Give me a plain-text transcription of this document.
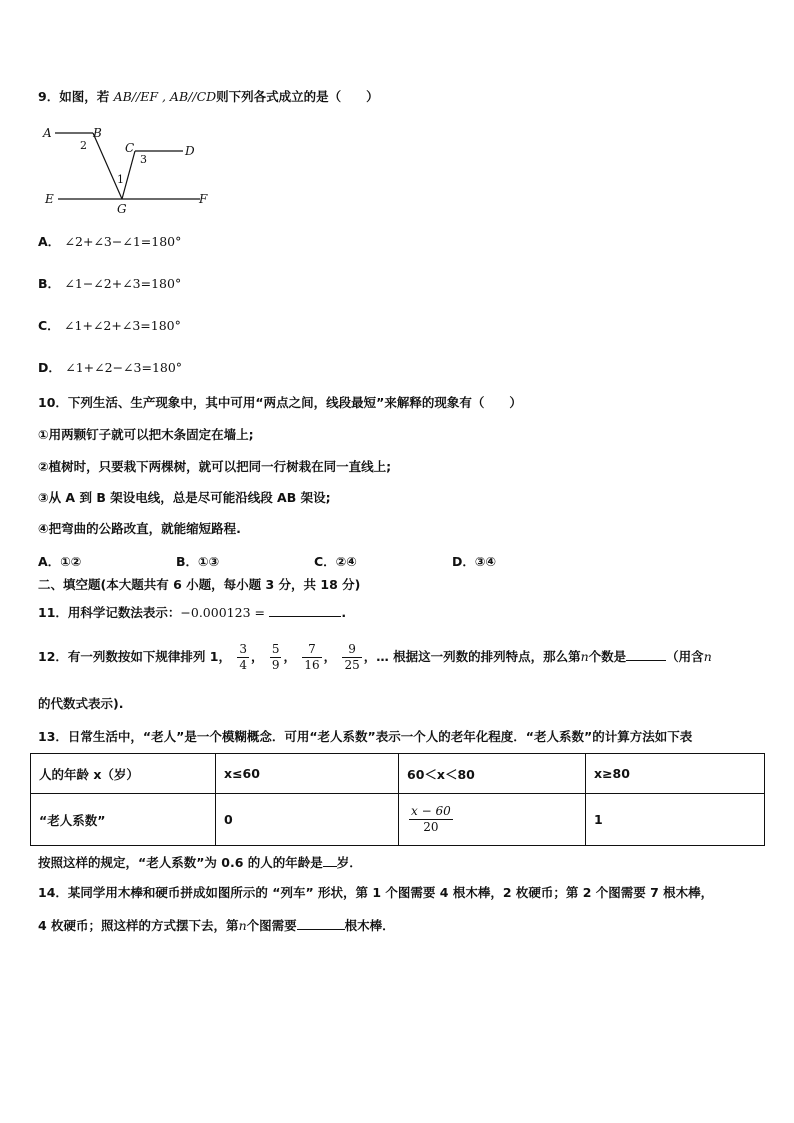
9．如图，若 AB//EF , AB//CD则下列各式成立的是（　　）
A	B
C	D
E
G
F
2
3
1
A． ∠2+∠3−∠1=180°
B． ∠1−∠2+∠3=180°
C． ∠1+∠2+∠3=180°
D． ∠1+∠2−∠3=180°
10．下列生活、生产现象中，其中可用“两点之间，线段最短”来解释的现象有（　　）
①用两颗钉子就可以把木条固定在墙上;
②植树时，只要栽下两棵树，就可以把同一行树栽在同一直线上;
③从 A 到 B 架设电线，总是尽可能沿线段 AB 架设;
④把弯曲的公路改直，就能缩短路程.
A．①②	B．①③	C．②④	D．③④
二、填空题(本大题共有 6 小题，每小题 3 分，共 18 分)
11．用科学记数法表示：−0.000123 =	.
12．有一列数按如下规律排列 1， $\frac{3}{4}$ ， $\frac{5}{9}$ ， $\frac{7}{16}$ ， $\frac{9}{25}$ ，… 根据这一列数的排列特点，那么第n个数是	（用含n
的代数式表示).
13．日常生活中，“老人”是一个模糊概念．可用“老人系数”表示一个人的老年化程度．“老人系数”的计算方法如下表
人的年龄 x（岁）	x≤60	60＜x＜80	x≥80
“老人系数”	0	$\frac{x - 60}{20}$	1
按照这样的规定，“老人系数”为 0.6 的人的年龄是 岁．
14．某同学用木棒和硬币拼成如图所示的 “列车” 形状，第 1 个图需要 4 根木棒，2 枚硬币；第 2 个图需要 7 根木棒，
4 枚硬币；照这样的方式摆下去，第n个图需要	根木棒．
